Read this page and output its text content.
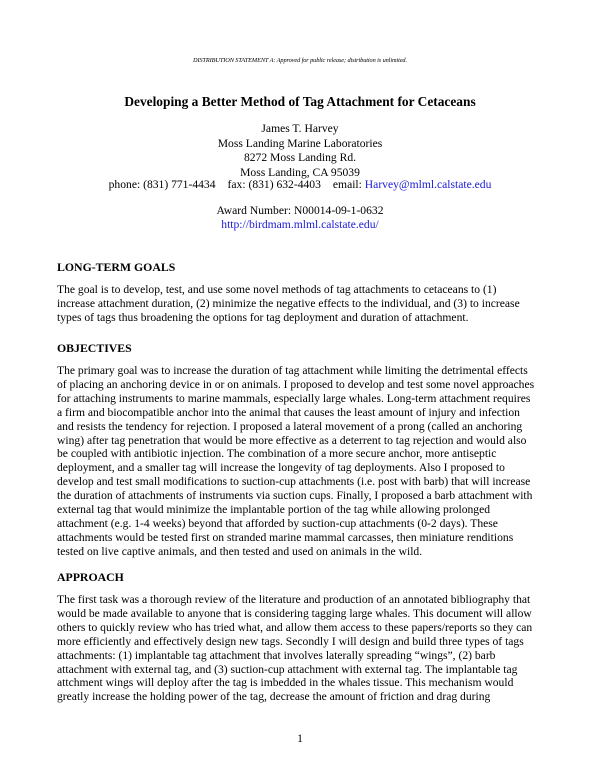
DISTRIBUTION STATEMENT A: Approved for public release; distribution is unlimited.
Developing a Better Method of Tag Attachment for Cetaceans
James T. Harvey
Moss Landing Marine Laboratories
8272 Moss Landing Rd.
Moss Landing, CA 95039
phone: (831) 771-4434 fax: (831) 632-4403 email: Harvey@mlml.calstate.edu
Award Number: N00014-09-1-0632
http://birdmam.mlml.calstate.edu/
LONG-TERM GOALS
The goal is to develop, test, and use some novel methods of tag attachments to cetaceans to (1)
increase attachment duration, (2) minimize the negative effects to the individual, and (3) to increase
types of tags thus broadening the options for tag deployment and duration of attachment.
OBJECTIVES
The primary goal was to increase the duration of tag attachment while limiting the detrimental effects
of placing an anchoring device in or on animals. I proposed to develop and test some novel approaches
for attaching instruments to marine mammals, especially large whales. Long-term attachment requires
a firm and biocompatible anchor into the animal that causes the least amount of injury and infection
and resists the tendency for rejection. I proposed a lateral movement of a prong (called an anchoring
wing) after tag penetration that would be more effective as a deterrent to tag rejection and would also
be coupled with antibiotic injection. The combination of a more secure anchor, more antiseptic
deployment, and a smaller tag will increase the longevity of tag deployments. Also I proposed to
develop and test small modifications to suction-cup attachments (i.e. post with barb) that will increase
the duration of attachments of instruments via suction cups. Finally, I proposed a barb attachment with
external tag that would minimize the implantable portion of the tag while allowing prolonged
attachment (e.g. 1-4 weeks) beyond that afforded by suction-cup attachments (0-2 days). These
attachments would be tested first on stranded marine mammal carcasses, then miniature renditions
tested on live captive animals, and then tested and used on animals in the wild.
APPROACH
The first task was a thorough review of the literature and production of an annotated bibliography that
would be made available to anyone that is considering tagging large whales. This document will allow
others to quickly review who has tried what, and allow them access to these papers/reports so they can
more efficiently and effectively design new tags. Secondly I will design and build three types of tags
attachments: (1) implantable tag attachment that involves laterally spreading “wings”, (2) barb
attachment with external tag, and (3) suction-cup attachment with external tag. The implantable tag
attchment wings will deploy after the tag is imbedded in the whales tissue. This mechanism would
greatly increase the holding power of the tag, decrease the amount of friction and drag during
1
